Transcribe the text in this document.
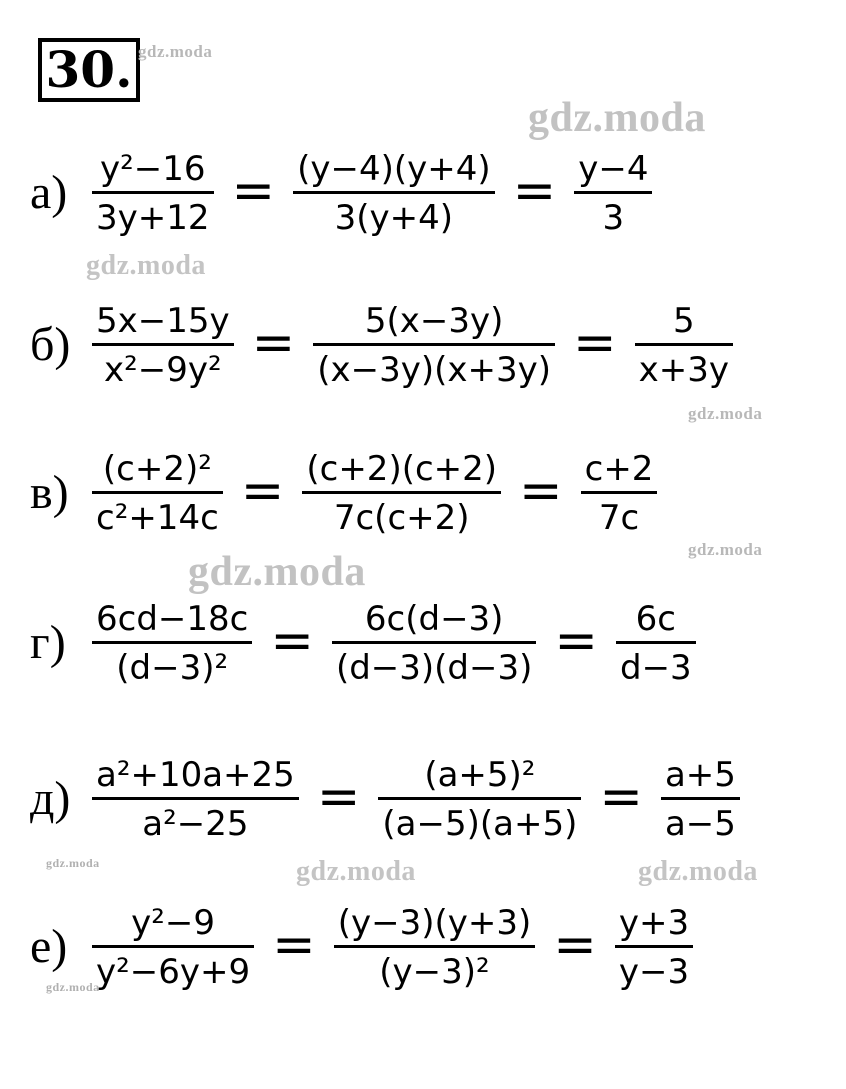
30. gdz.moda
gdz.moda
gdz.moda
gdz.moda
gdz.moda
gdz.moda
gdz.moda	gdz.moda	gdz.moda
gdz.moda
$а) \frac{\text{y²−16}}{3y+12} = \frac{(y-4)(y+4)}{3(y+4)} = \frac{y-4}{3}$
$б) \frac{5x-15y}{\text{x²−9y²}} = \frac{5(x-3y)}{(x-3y)(x+3y)} = \frac{5}{x+3y}$
$в) \frac{\text{(c+2)²}}{\text{c²+14c}} = \frac{(c+2)(c+2)}{7c(c+2)} = \frac{c+2}{7c}$
$г) \frac{6cd-18c}{\text{(d−3)²}} = \frac{6c(d-3)}{(d-3)(d-3)} = \frac{6c}{d-3}$
$д) \frac{\text{a²+10a+25}}{\text{a²−25}} = \frac{\text{(a+5)²}}{(a-5)(a+5)} = \frac{a+5}{a-5}$
$е) \frac{\text{y²−9}}{\text{y²−6y+9}} = \frac{(y-3)(y+3)}{\text{(y−3)²}} = \frac{y+3}{y-3}$
